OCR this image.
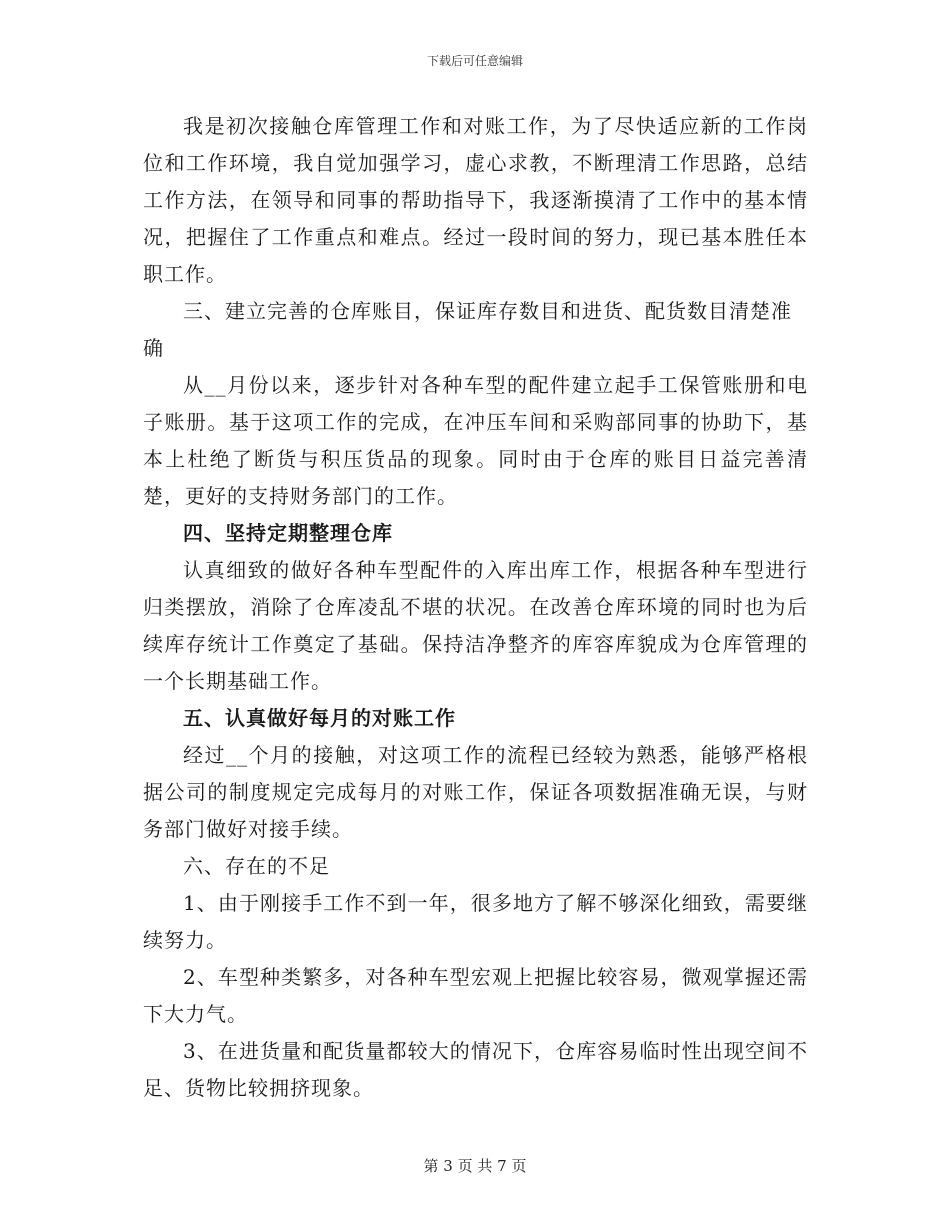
下载后可任意编辑

我是初次接触仓库管理工作和对账工作，为了尽快适应新的工作岗位和工作环境，我自觉加强学习，虚心求教，不断理清工作思路，总结工作方法，在领导和同事的帮助指导下，我逐渐摸清了工作中的基本情况，把握住了工作重点和难点。经过一段时间的努力，现已基本胜任本职工作。

三、建立完善的仓库账目，保证库存数目和进货、配货数目清楚准确

从__月份以来，逐步针对各种车型的配件建立起手工保管账册和电子账册。基于这项工作的完成，在冲压车间和采购部同事的协助下，基本上杜绝了断货与积压货品的现象。同时由于仓库的账目日益完善清楚，更好的支持财务部门的工作。

四、坚持定期整理仓库

认真细致的做好各种车型配件的入库出库工作，根据各种车型进行归类摆放，消除了仓库凌乱不堪的状况。在改善仓库环境的同时也为后续库存统计工作奠定了基础。保持洁净整齐的库容库貌成为仓库管理的一个长期基础工作。

五、认真做好每月的对账工作

经过__个月的接触，对这项工作的流程已经较为熟悉，能够严格根据公司的制度规定完成每月的对账工作，保证各项数据准确无误，与财务部门做好对接手续。

六、存在的不足

1、由于刚接手工作不到一年，很多地方了解不够深化细致，需要继续努力。

2、车型种类繁多，对各种车型宏观上把握比较容易，微观掌握还需下大力气。

3、在进货量和配货量都较大的情况下，仓库容易临时性出现空间不足、货物比较拥挤现象。

第 3 页 共 7 页
